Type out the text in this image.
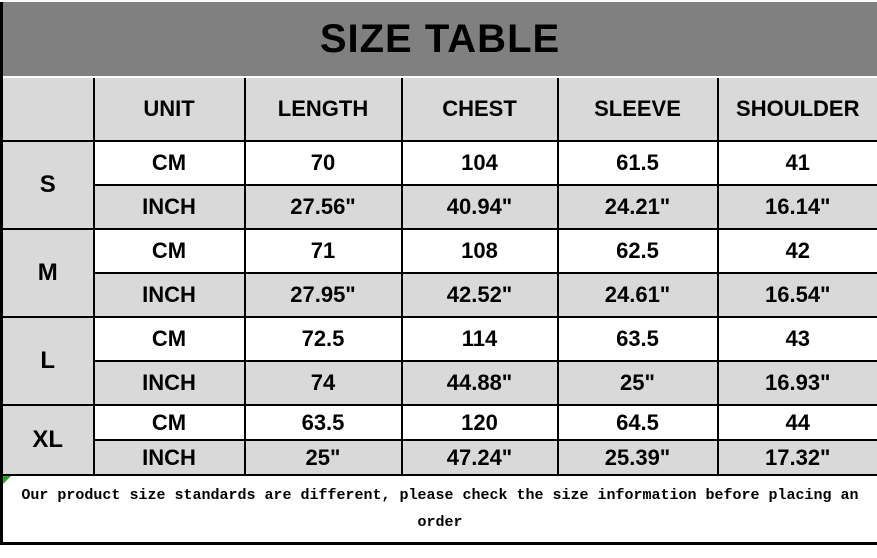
SIZE TABLE					
	UNIT	LENGTH	CHEST	SLEEVE	SHOULDER
S	CM	70	104	61.5	41
	INCH	27.56"	40.94"	24.21"	16.14"
M	CM	71	108	62.5	42
	INCH	27.95"	42.52"	24.61"	16.54"
L	CM	72.5	114	63.5	43
	INCH	74	44.88"	25"	16.93"
XL	CM	63.5	120	64.5	44
	INCH	25"	47.24"	25.39"	17.32"

Our product size standards are different, please check the size information before placing an order					
